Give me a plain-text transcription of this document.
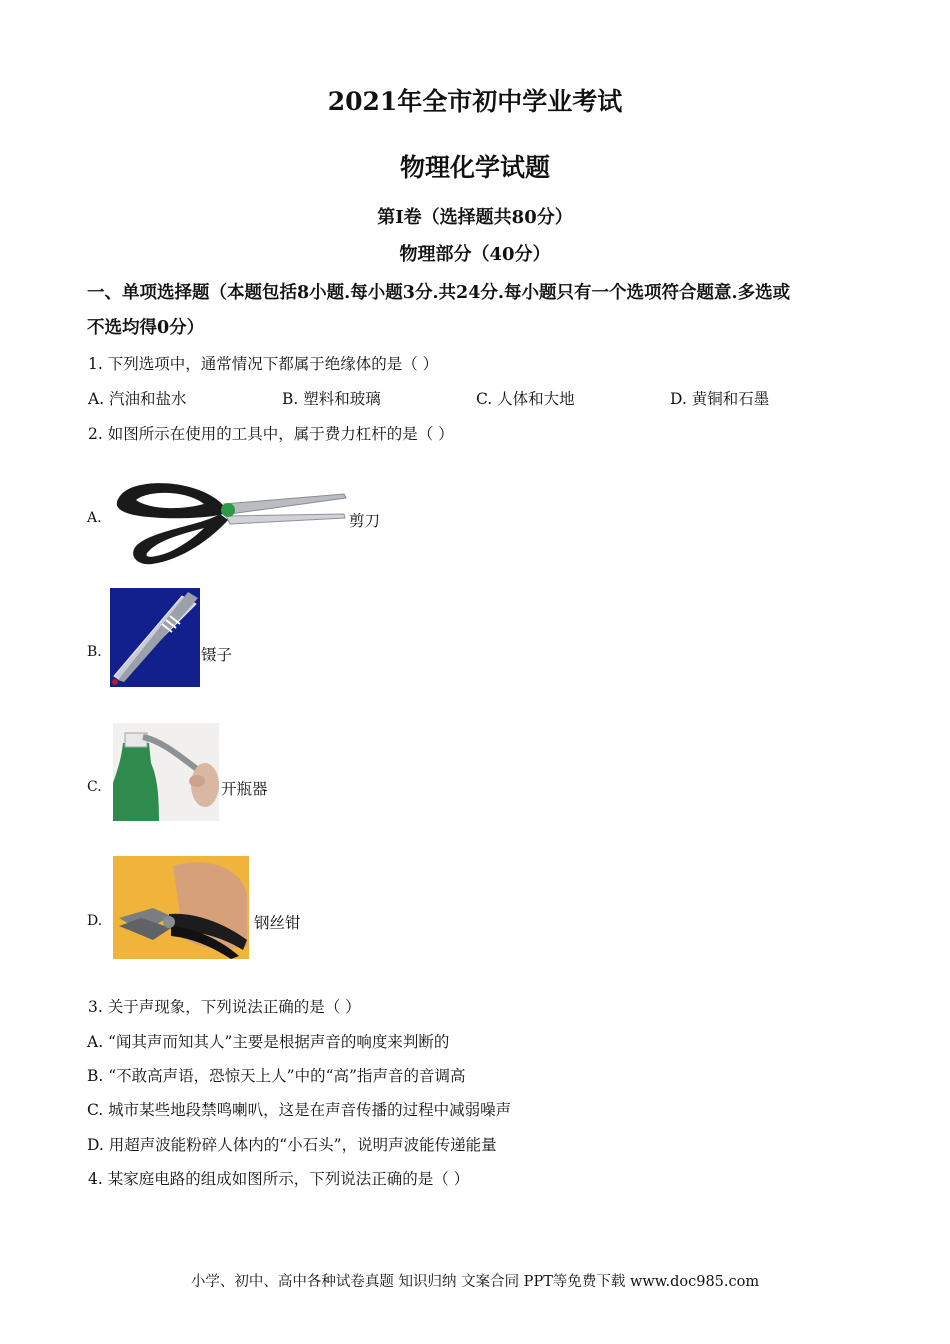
2021年全市初中学业考试
物理化学试题
第Ⅰ卷（选择题共80分）
物理部分（40分）
一、单项选择题（本题包括8小题.每小题3分.共24分.每小题只有一个选项符合题意.多选或
不选均得0分）
1. 下列选项中，通常情况下都属于绝缘体的是（ ）
A. 汽油和盐水	B. 塑料和玻璃	C. 人体和大地	D. 黄铜和石墨
2. 如图所示在使用的工具中，属于费力杠杆的是（ ）
A.	剪刀
B.	镊子
C.	开瓶器
D.	钢丝钳
3. 关于声现象，下列说法正确的是（ ）
A. “闻其声而知其人”主要是根据声音的响度来判断的
B. “不敢高声语，恐惊天上人”中的“高”指声音的音调高
C. 城市某些地段禁鸣喇叭，这是在声音传播的过程中减弱噪声
D. 用超声波能粉碎人体内的“小石头”，说明声波能传递能量
4. 某家庭电路的组成如图所示，下列说法正确的是（ ）
小学、初中、高中各种试卷真题 知识归纳 文案合同 PPT等免费下载 www.doc985.com
